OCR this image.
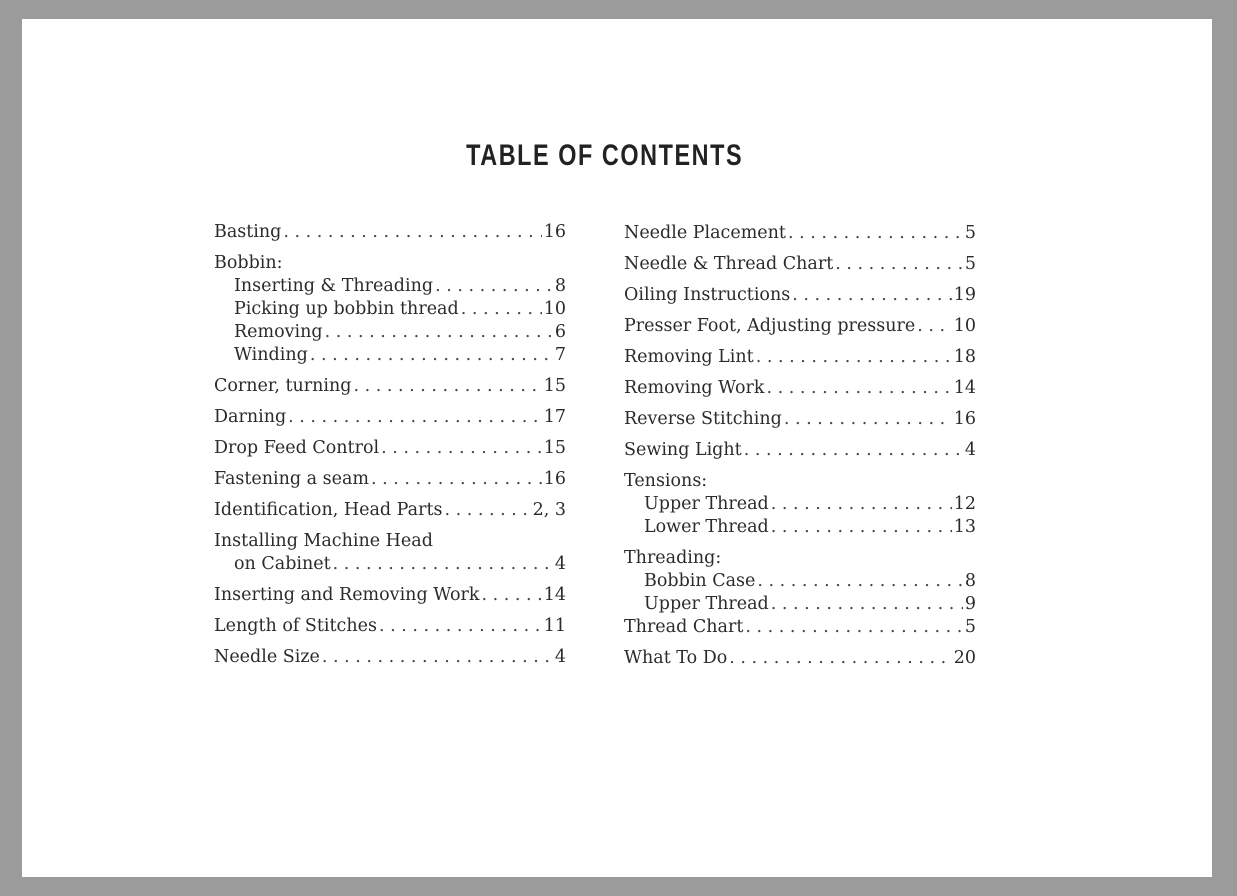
TABLE OF CONTENTS
Basting . . .	16
Bobbin:
Inserting & Threading . . .	8
Picking up bobbin thread . . .	10
Removing . . .	6
Winding . . .	7
Corner, turning . . .	15
Darning . . .	17
Drop Feed Control . . .	15
Fastening a seam . . .	16
Identification, Head Parts . . .	2, 3
Installing Machine Head
on Cabinet . . .	4
Inserting and Removing Work . . .	14
Length of Stitches . . .	11
Needle Size . . .	4
Needle Placement . . .	5
Needle & Thread Chart . . .	5
Oiling Instructions . . .	19
Presser Foot, Adjusting pressure . . . 10
Removing Lint . . .	18
Removing Work . . .	14
Reverse Stitching . . .	16
Sewing Light . . .	4
Tensions:
Upper Thread . . .	12
Lower Thread . . .	13
Threading:
Bobbin Case . . .	8
Upper Thread . . .	9
Thread Chart . . .	5
What To Do . . .	20
